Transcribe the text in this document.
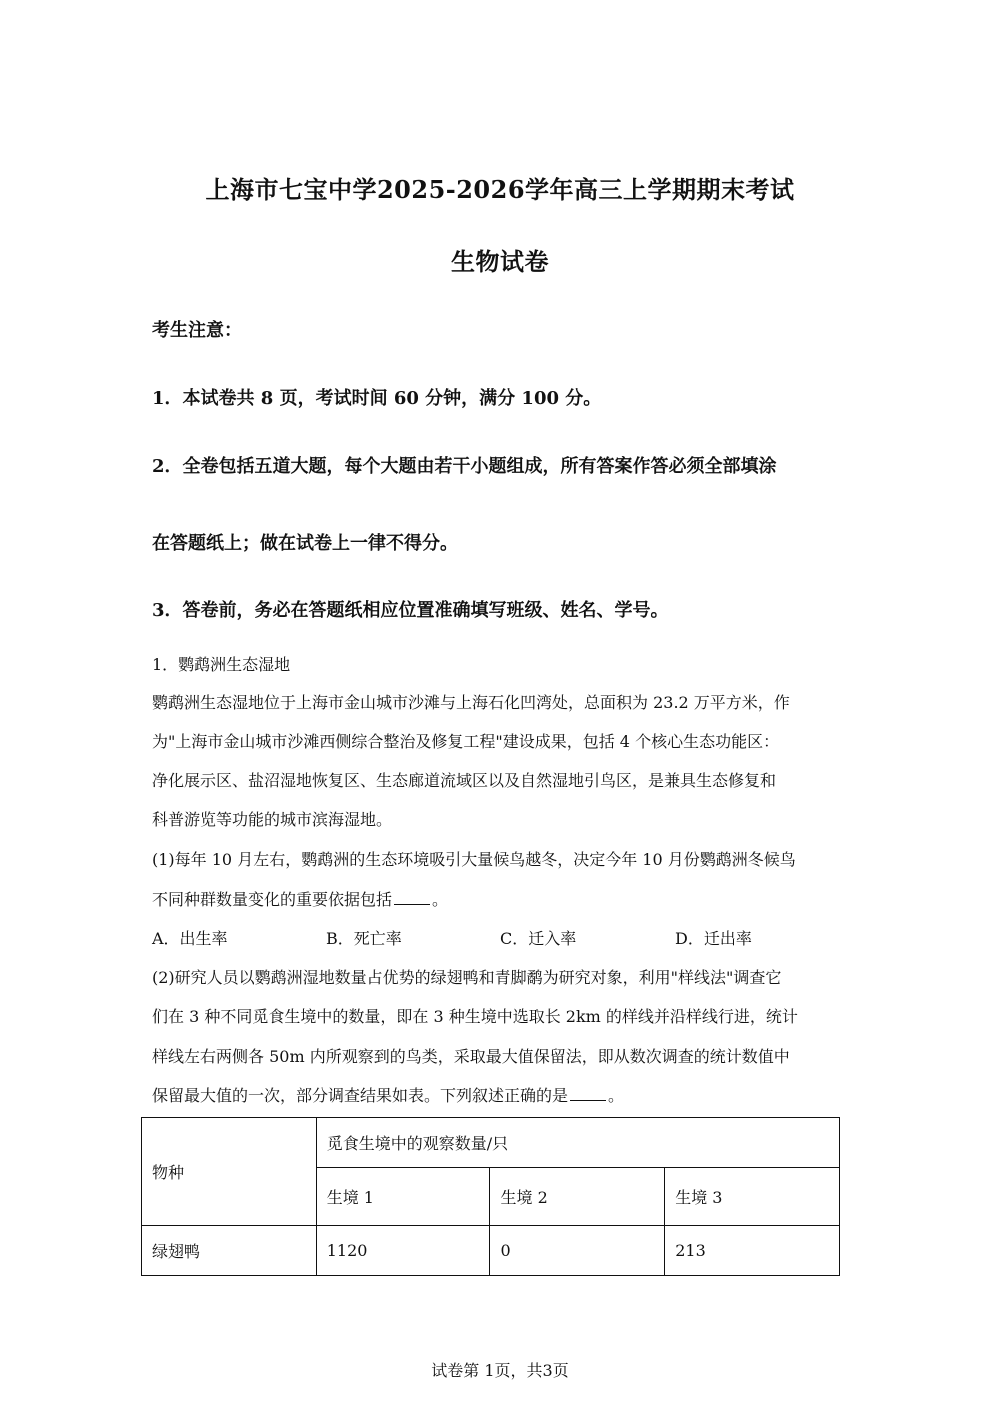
上海市七宝中学2025-2026学年高三上学期期末考试
生物试卷
考生注意：
1．本试卷共 8 页，考试时间 60 分钟，满分 100 分。
2．全卷包括五道大题，每个大题由若干小题组成，所有答案作答必须全部填涂
在答题纸上；做在试卷上一律不得分。
3．答卷前，务必在答题纸相应位置准确填写班级、姓名、学号。
1．鹦鹉洲生态湿地
鹦鹉洲生态湿地位于上海市金山城市沙滩与上海石化凹湾处，总面积为 23.2 万平方米，作
为"上海市金山城市沙滩西侧综合整治及修复工程"建设成果，包括 4 个核心生态功能区：
净化展示区、盐沼湿地恢复区、生态廊道流域区以及自然湿地引鸟区，是兼具生态修复和
科普游览等功能的城市滨海湿地。
(1)每年 10 月左右，鹦鹉洲的生态环境吸引大量候鸟越冬，决定今年 10 月份鹦鹉洲冬候鸟
不同种群数量变化的重要依据包括	。
A．出生率	B．死亡率	C．迁入率	D．迁出率
(2)研究人员以鹦鹉洲湿地数量占优势的绿翅鸭和青脚鹬为研究对象，利用"样线法"调查它
们在 3 种不同觅食生境中的数量，即在 3 种生境中选取长 2km 的样线并沿样线行进，统计
样线左右两侧各 50m 内所观察到的鸟类，采取最大值保留法，即从数次调查的统计数值中
保留最大值的一次，部分调查结果如表。下列叙述正确的是	。
物种	觅食生境中的观察数量/只		
	生境 1	生境 2	生境 3
绿翅鸭	1120	0	213
试卷第 1页，共3页
